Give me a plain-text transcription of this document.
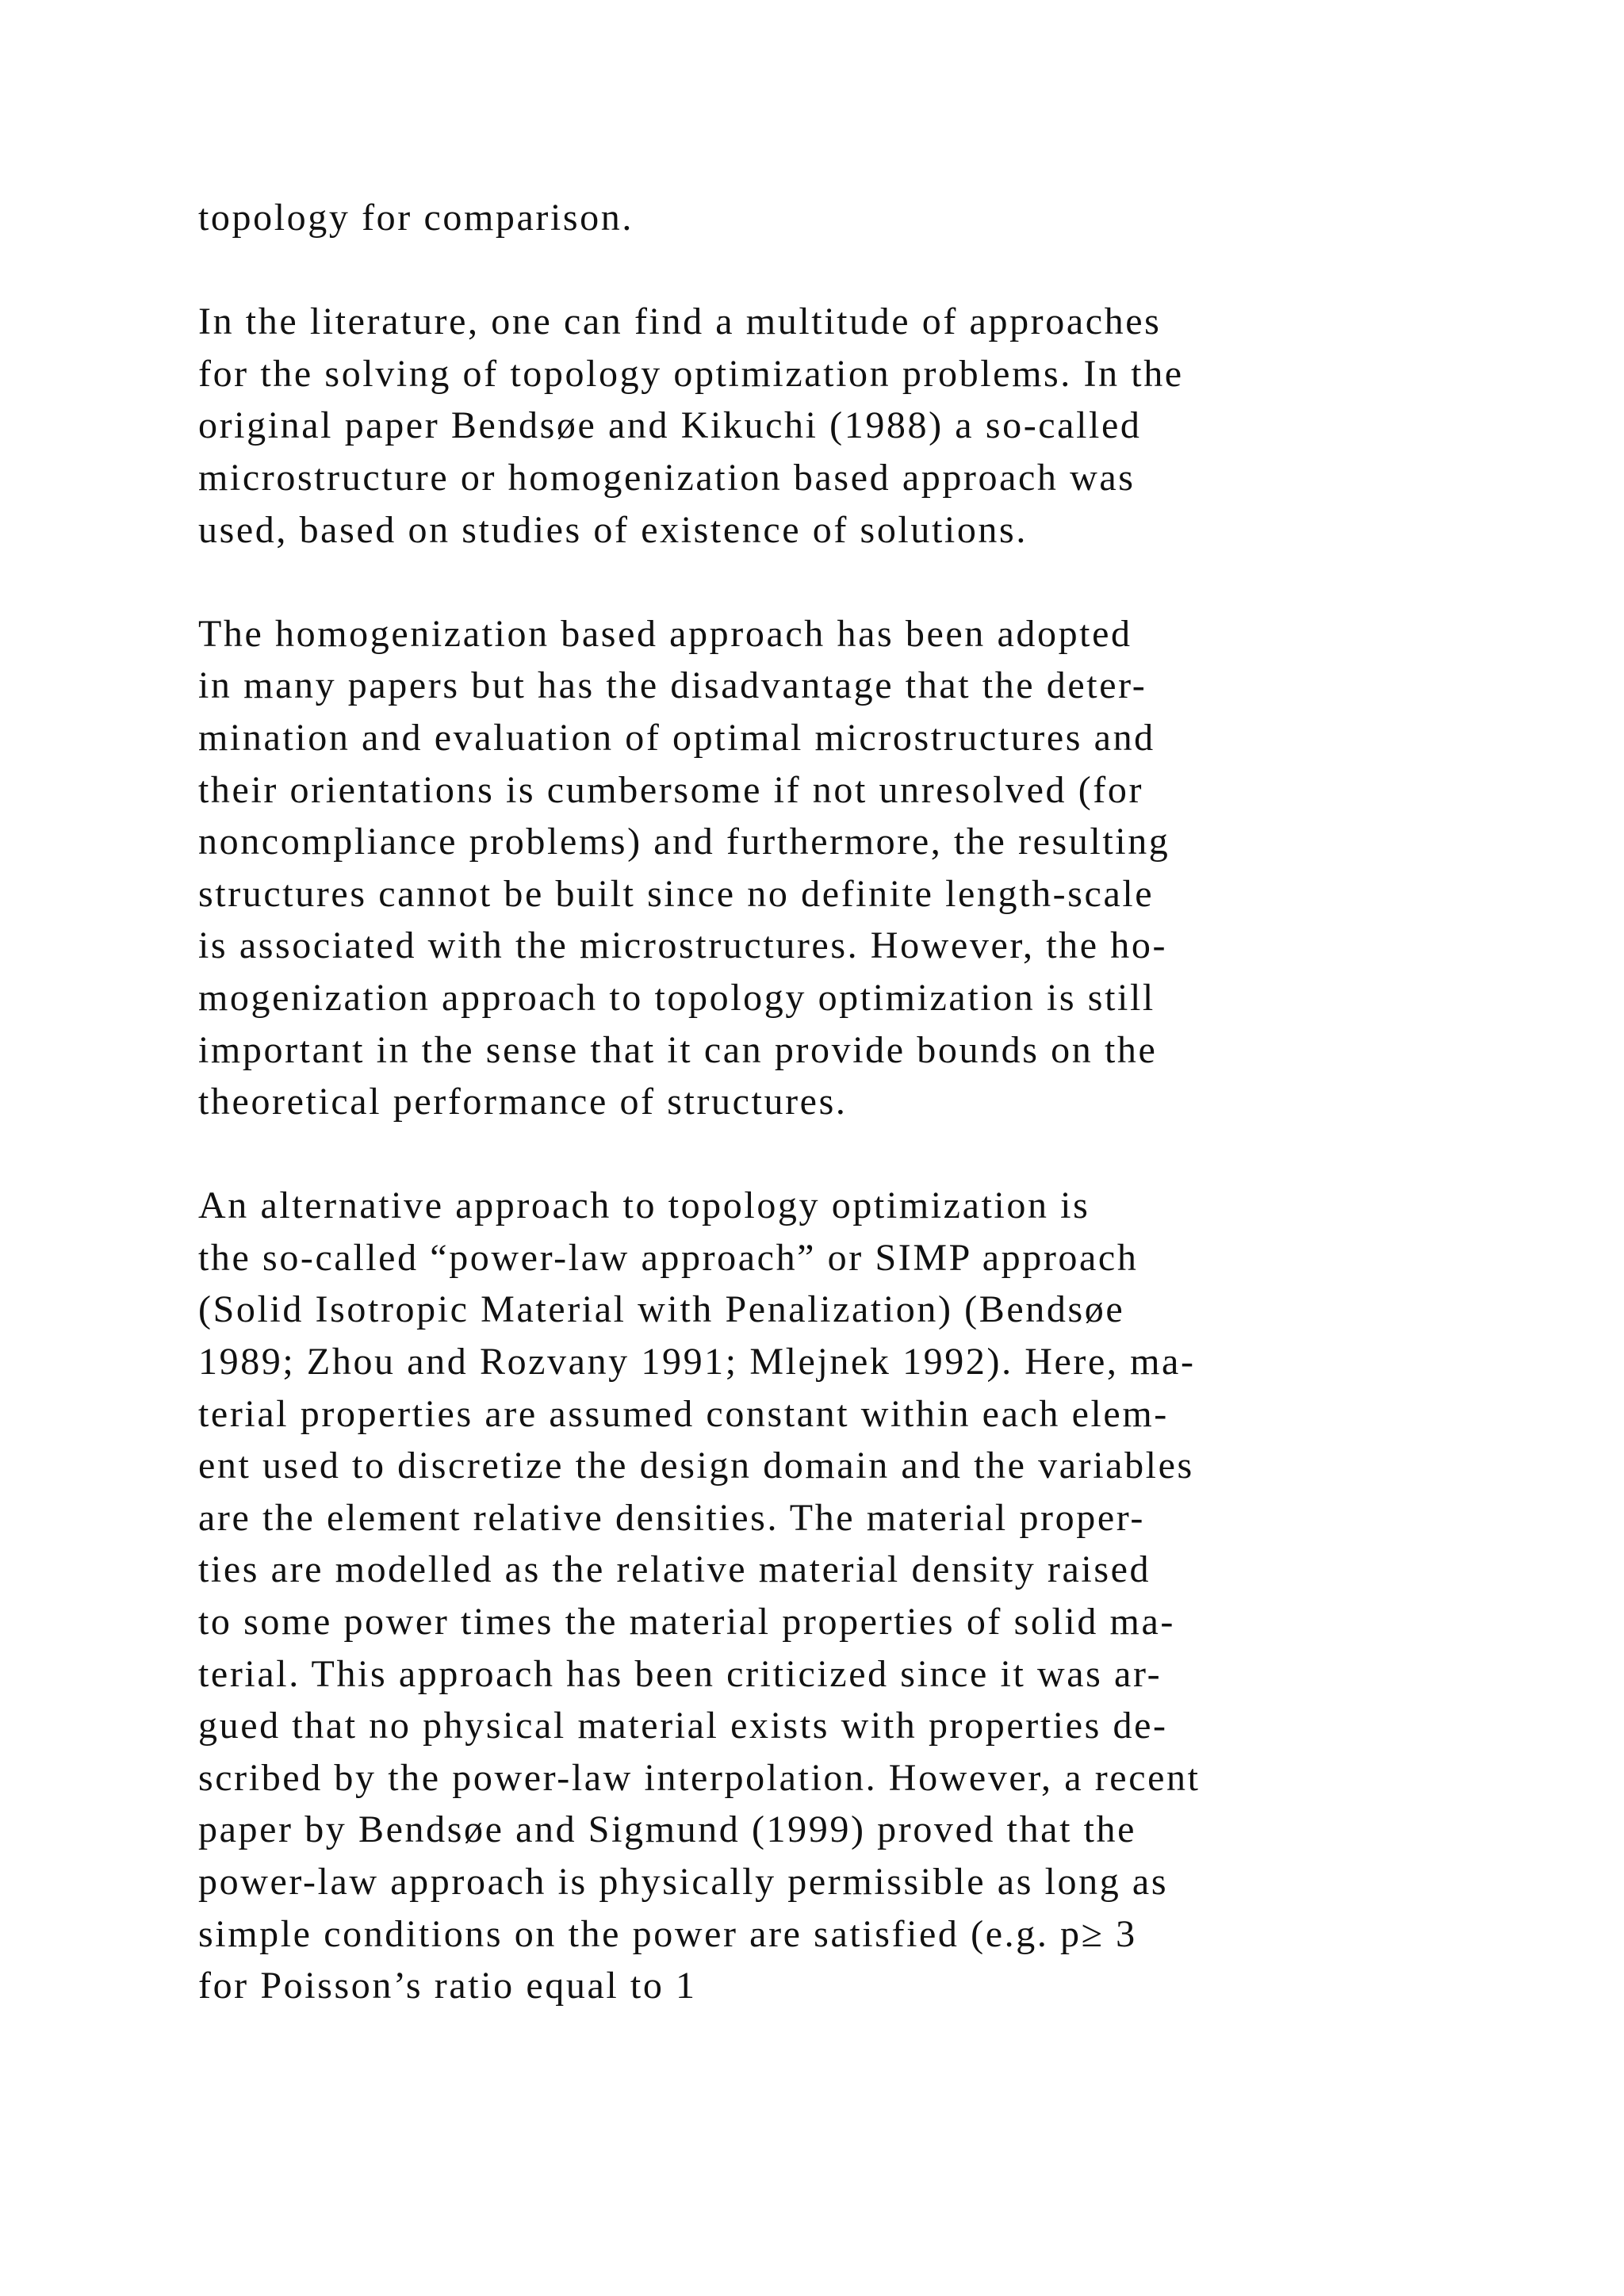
topology for comparison.
In the literature, one can find a multitude of approaches
for the solving of topology optimization problems. In the
original paper Bendsøe and Kikuchi (1988) a so-called
microstructure or homogenization based approach was
used, based on studies of existence of solutions.
The homogenization based approach has been adopted
in many papers but has the disadvantage that the deter-
mination and evaluation of optimal microstructures and
their orientations is cumbersome if not unresolved (for
noncompliance problems) and furthermore, the resulting
structures cannot be built since no definite length-scale
is associated with the microstructures. However, the ho-
mogenization approach to topology optimization is still
important in the sense that it can provide bounds on the
theoretical performance of structures.
An alternative approach to topology optimization is
the so-called “power-law approach” or SIMP approach
(Solid Isotropic Material with Penalization) (Bendsøe
1989; Zhou and Rozvany 1991; Mlejnek 1992). Here, ma-
terial properties are assumed constant within each elem-
ent used to discretize the design domain and the variables
are the element relative densities. The material proper-
ties are modelled as the relative material density raised
to some power times the material properties of solid ma-
terial. This approach has been criticized since it was ar-
gued that no physical material exists with properties de-
scribed by the power-law interpolation. However, a recent
paper by Bendsøe and Sigmund (1999) proved that the
power-law approach is physically permissible as long as
simple conditions on the power are satisfied (e.g. p≥ 3
for Poisson’s ratio equal to 1
